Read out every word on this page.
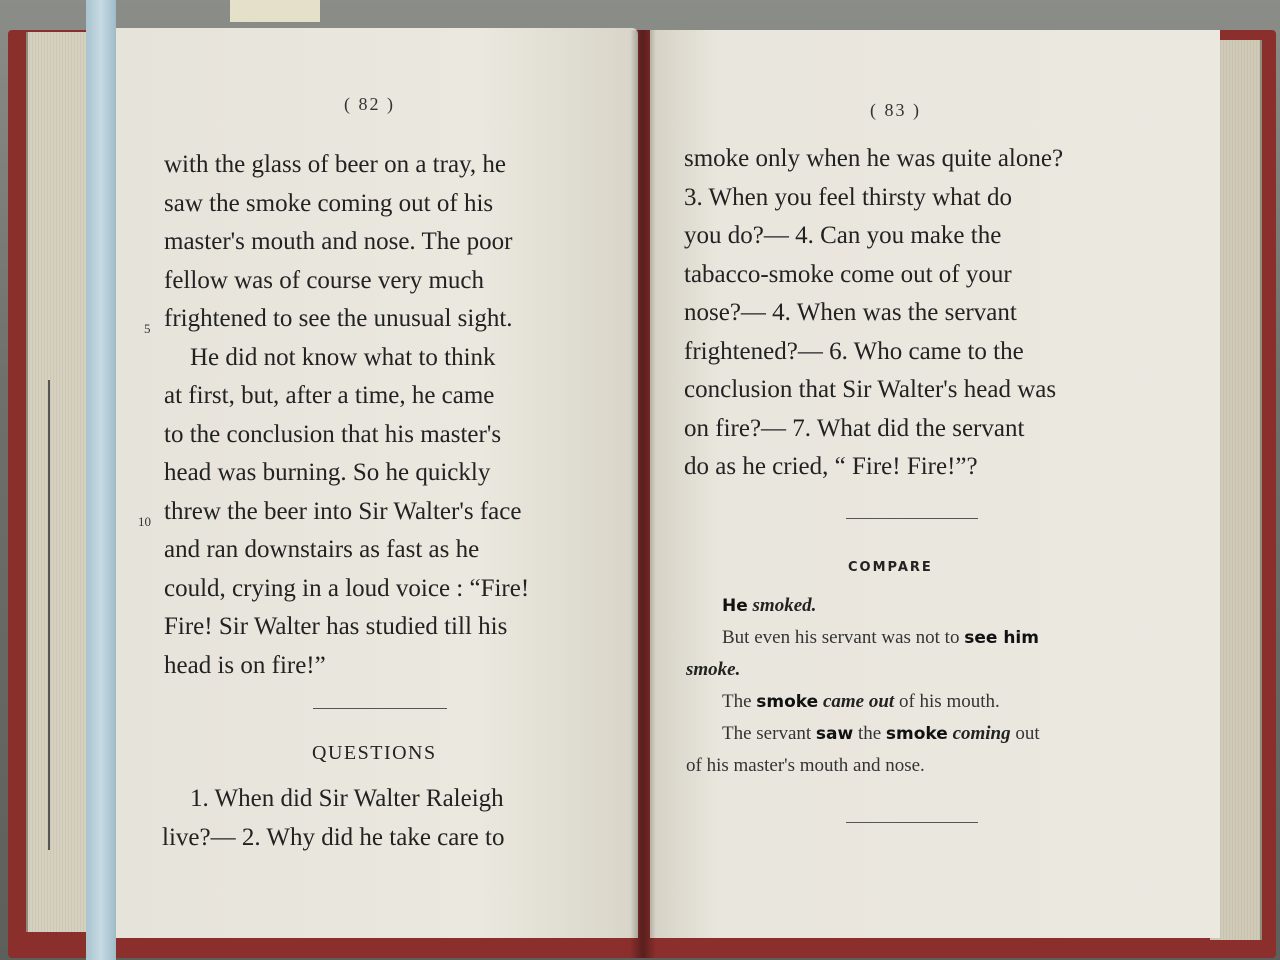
( 82 )
with the glass of beer on a tray, he
saw the smoke coming out of his
master's mouth and nose. The poor
fellow was of course very much
5 frightened to see the unusual sight.
He did not know what to think
at first, but, after a time, he came
to the conclusion that his master's
head was burning. So he quickly
10 threw the beer into Sir Walter's face
and ran downstairs as fast as he
could, crying in a loud voice : “Fire!
Fire! Sir Walter has studied till his
head is on fire!”
QUESTIONS
1. When did Sir Walter Raleigh
live?— 2. Why did he take care to
( 83 )
smoke only when he was quite alone?
3. When you feel thirsty what do
you do?— 4. Can you make the
tabacco-smoke come out of your
nose?— 4. When was the servant
frightened?— 6. Who came to the
conclusion that Sir Walter's head was
on fire?— 7. What did the servant
do as he cried, “ Fire! Fire!”?
COMPARE
He smoked.
But even his servant was not to see him
smoke.
The smoke came out of his mouth.
The servant saw the smoke coming out
of his master's mouth and nose.
